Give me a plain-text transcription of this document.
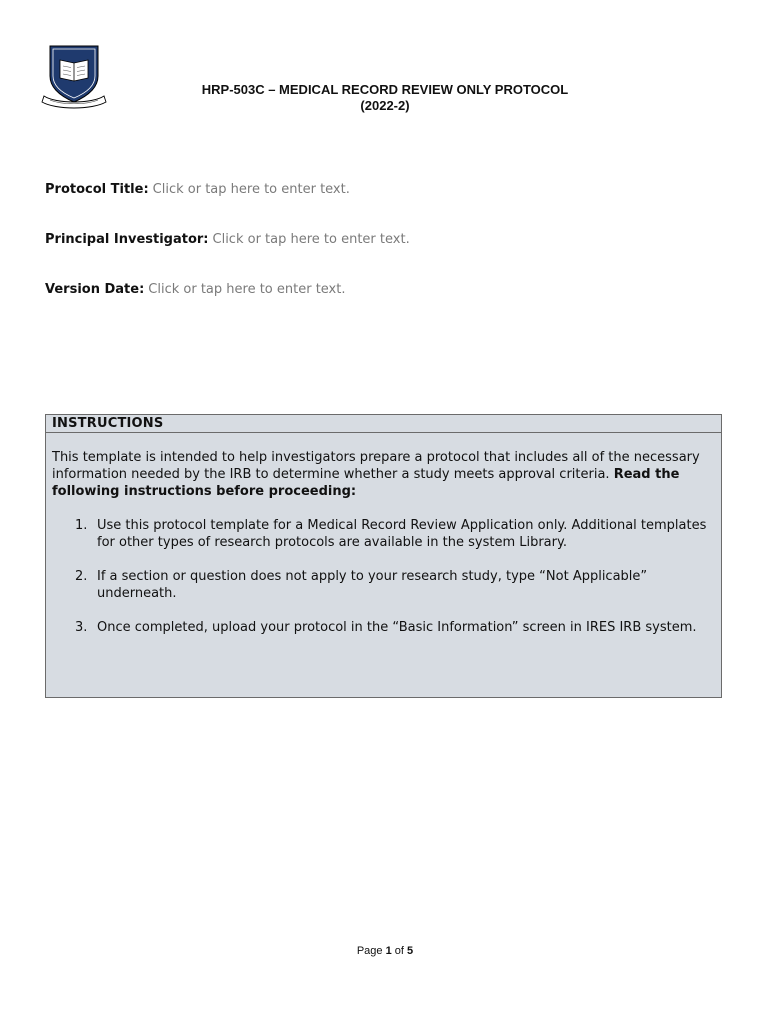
HRP-503C – MEDICAL RECORD REVIEW ONLY PROTOCOL
(2022-2)
Protocol Title: Click or tap here to enter text.
Principal Investigator: Click or tap here to enter text.
Version Date: Click or tap here to enter text.
INSTRUCTIONS
This template is intended to help investigators prepare a protocol that includes all of the necessary information needed by the IRB to determine whether a study meets approval criteria. Read the following instructions before proceeding:
1. Use this protocol template for a Medical Record Review Application only. Additional templates for other types of research protocols are available in the system Library.
2. If a section or question does not apply to your research study, type “Not Applicable” underneath.
3. Once completed, upload your protocol in the “Basic Information” screen in IRES IRB system.
Page 1 of 5
